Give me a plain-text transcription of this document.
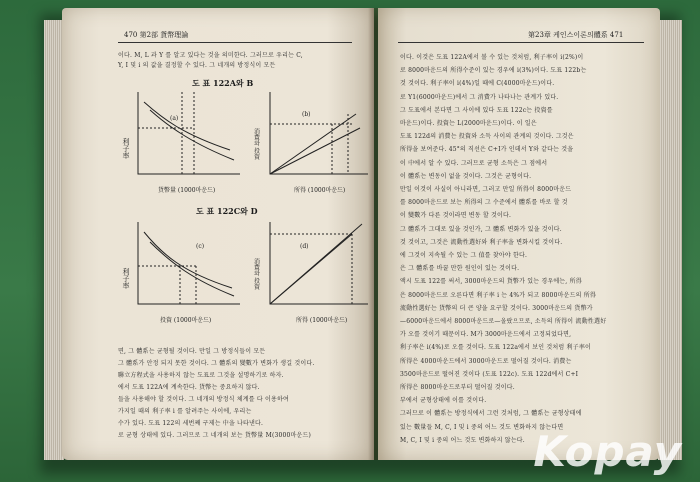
470 第2部 貨幣理論
이다. M, L 과 Y 를 알고 있다는 것을 의미한다. 그러므로 우리는 C,
Y, I 및 i 의 값을 결정할 수 있다. 그 네개의 방정식이 모든
도 표 122A와 B
利子率
(a)
貨幣量 (1000마운드)
消費와 投資
(b)
所得 (1000마운드)
도 표 122C와 D
利子率
(c)
投資 (1000마운드)
消費와 投資
(d)
所得 (1000마운드)
면, 그 體系는 균형될 것이다. 만일 그 방정식들이 모든
그 體系가 안정 되지 못한 것이다. 그 體系의 變數가 변화가 생길 것이다.
聯立方程式을 사용하지 않는 도표로 그것을 설명하기로 하자.
에서 도표 122A에 계속한다. 貨幣는 중요하지 않다.
들을 사용해야 할 것이다. 그 네개의 방정식 체계를 다 이용하여
가지일 때의 利子率 i 를 알려주는 사이에, 우리는
수가 있다. 도표 122의 세번째 구제는 中을 나타낸다.
로 균형 상태에 있다. 그러므로 그 네개의 보는 貨幣量 M(3000마운드)
第23章 케인스이론의體系 471
이다. 이것은 도표 122A에서 볼 수 있는 것처럼, 利子率이 i(2%)이
로 8000마운드의 所得수준이 있는 경우에 i(3%)이다. 도표 122b는
것 것이다. 利子率이 i(4%)일 때에 C(4000마운드)이다.
로 Y1(6000마운드)에서 그 消費가 나타나는 관계가 있다.
그 도표에서 본다면 그 사이에 있다 도표 122c는 投資를
마운드)이다. 投資는 L(2000마운드)이다. 이 일은
도표 122d의 消費는 投資와 소득 사이의 관계의 것이다. 그것은
所得을 보여준다. 45°의 직선은 C+I가 인데서 Y와 같다는 것을
이 中에서 알 수 있다. 그러므로 균형 소득은 그 점에서
이 體系는 변동이 없을 것이다. 그것은 균형이다.
만일 이것이 사실이 아니라면, 그러고 만일 所得이 8000마운드
를 8000마운드로 보는 所得의 그 수준에서 體系를 바로 할 것
이 變數가 다른 것이라면 변동 할 것이다.
그 體系가 그대로 있을 것인가, 그 體系 변화가 있을 것이다.
것 것이고, 그것은 流動性選好와 利子率을 변화시킬 것이다.
에 그것이 지속될 수 있는 그 值를 찾아야 한다.
은 그 體系를 바꿀 만한 원인이 있는 것이다.
액시 도표 122를 써서, 3000마운드의 貨幣가 있는 경우에는, 所得
은 8000마운드로 오른다면 利子率 i 는 4%가 되고 8000마운드의 所得
流動性選好는 貨幣의 더 큰 양을 요구할 것이다. 3000마운드의 貨幣가
—6000마운드에서 8000마운드로—올랐으므로, 소득의 所得이 流動性選好
가 오를 것이기 때문이다. M가 3000마운드에서 고정되었다면,
利子率은 i(4%)로 오를 것이다. 도표 122a에서 보인 것처럼 利子率이
所得은 4000마운드에서 3000마운드로 떨어질 것이다. 消費는
3500마운드로 떨어진 것이다 (도표 122c). 도표 122d에서 C+I
所得은 8000마운드로부터 떨어질 것이다.
부에서 균형상태에 이를 것이다.
그러므로 이 體系는 방정식에서 그런 것처럼, 그 體系는 균형상태에
있는 數量들 M, C, I 및 i 중의 어느 것도 변화하지 않는다면
M, C, I 및 i 중의 어느 것도 변화하지 않는다. Kopay
